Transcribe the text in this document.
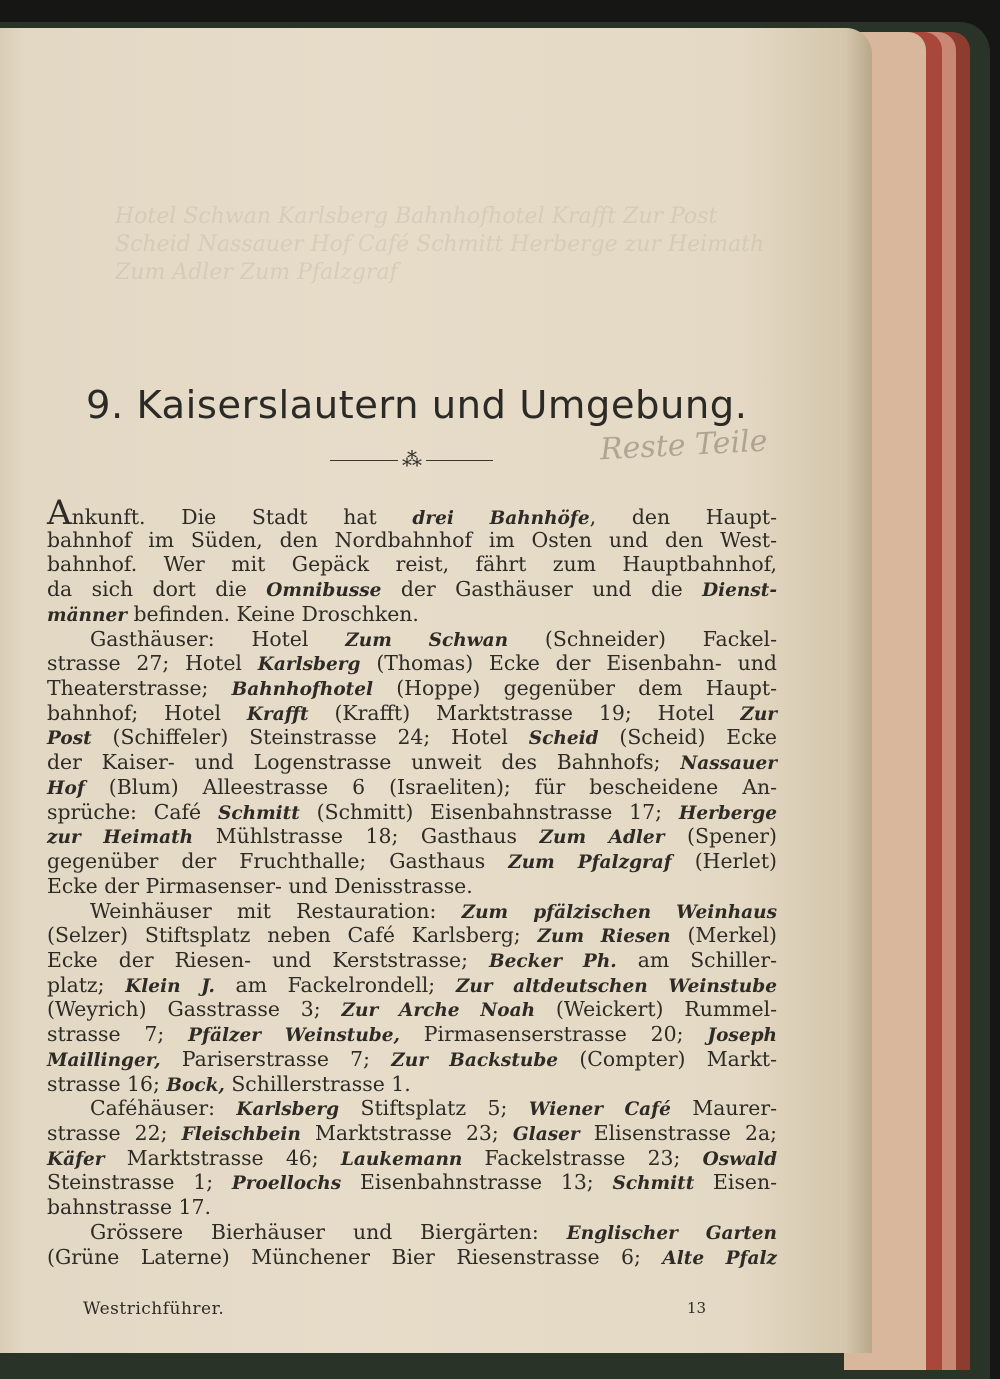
Hotel Schwan Karlsberg Bahnhofhotel Krafft Zur Post Scheid Nassauer Hof Café Schmitt Herberge zur Heimath Zum Adler Zum Pfalzgraf
9. Kaiserslautern und Umgebung.
⁂	Reste Teile
Ankunft. Die Stadt hat drei Bahnhöfe, den Haupt-
bahnhof im Süden, den Nordbahnhof im Osten und den West-
bahnhof. Wer mit Gepäck reist, fährt zum Hauptbahnhof,
da sich dort die Omnibusse der Gasthäuser und die Dienst-
männer befinden. Keine Droschken.
Gasthäuser: Hotel Zum Schwan (Schneider) Fackel-
strasse 27; Hotel Karlsberg (Thomas) Ecke der Eisenbahn- und
Theaterstrasse; Bahnhofhotel (Hoppe) gegenüber dem Haupt-
bahnhof; Hotel Krafft (Krafft) Marktstrasse 19; Hotel Zur
Post (Schiffeler) Steinstrasse 24; Hotel Scheid (Scheid) Ecke
der Kaiser- und Logenstrasse unweit des Bahnhofs; Nassauer
Hof (Blum) Alleestrasse 6 (Israeliten); für bescheidene An-
sprüche: Café Schmitt (Schmitt) Eisenbahnstrasse 17; Herberge
zur Heimath Mühlstrasse 18; Gasthaus Zum Adler (Spener)
gegenüber der Fruchthalle; Gasthaus Zum Pfalzgraf (Herlet)
Ecke der Pirmasenser- und Denisstrasse.
Weinhäuser mit Restauration: Zum pfälzischen Weinhaus
(Selzer) Stiftsplatz neben Café Karlsberg; Zum Riesen (Merkel)
Ecke der Riesen- und Kerststrasse; Becker Ph. am Schiller-
platz; Klein J. am Fackelrondell; Zur altdeutschen Weinstube
(Weyrich) Gasstrasse 3; Zur Arche Noah (Weickert) Rummel-
strasse 7; Pfälzer Weinstube, Pirmasenserstrasse 20; Joseph
Maillinger, Pariserstrasse 7; Zur Backstube (Compter) Markt-
strasse 16; Bock, Schillerstrasse 1.
Caféhäuser: Karlsberg Stiftsplatz 5; Wiener Café Maurer-
strasse 22; Fleischbein Marktstrasse 23; Glaser Elisenstrasse 2a;
Käfer Marktstrasse 46; Laukemann Fackelstrasse 23; Oswald
Steinstrasse 1; Proellochs Eisenbahnstrasse 13; Schmitt Eisen-
bahnstrasse 17.
Grössere Bierhäuser und Biergärten: Englischer Garten
(Grüne Laterne) Münchener Bier Riesenstrasse 6; Alte Pfalz
Westrichführer.	13
